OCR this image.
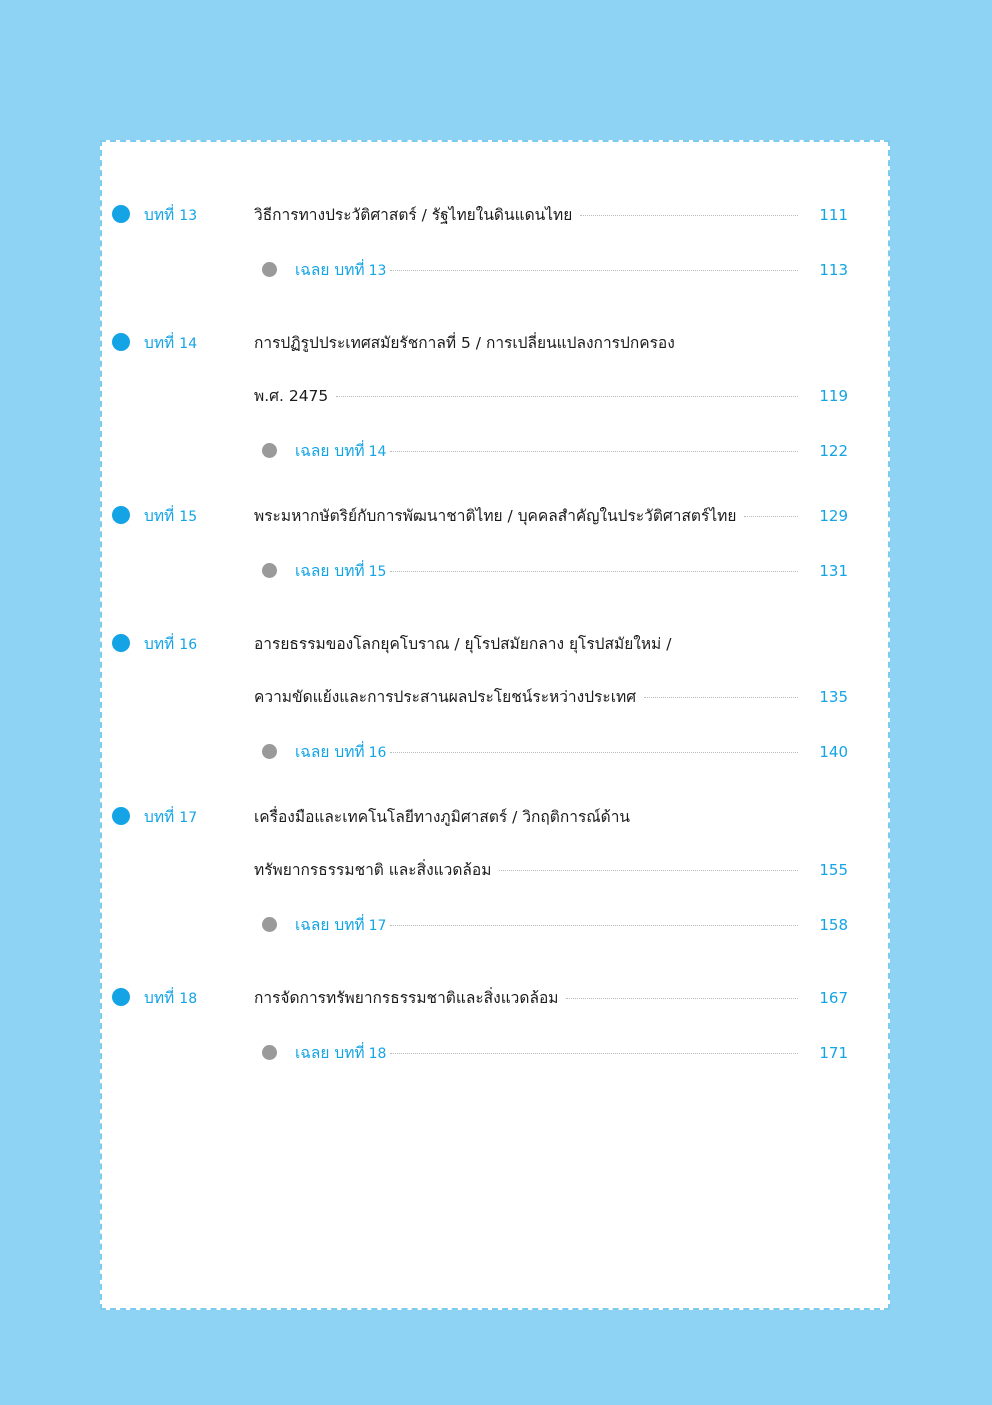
บทที่ 13	วิธีการทางประวัติศาสตร์ / รัฐไทยในดินแดนไทย	111
เฉลย บทที่ 13	113
บทที่ 14	การปฏิรูปประเทศสมัยรัชกาลที่ 5 / การเปลี่ยนแปลงการปกครอง
พ.ศ. 2475	119
เฉลย บทที่ 14	122
บทที่ 15	พระมหากษัตริย์กับการพัฒนาชาติไทย / บุคคลสำคัญในประวัติศาสตร์ไทย	129
เฉลย บทที่ 15	131
บทที่ 16	อารยธรรมของโลกยุคโบราณ / ยุโรปสมัยกลาง ยุโรปสมัยใหม่ /
ความขัดแย้งและการประสานผลประโยชน์ระหว่างประเทศ	135
เฉลย บทที่ 16	140
บทที่ 17	เครื่องมือและเทคโนโลยีทางภูมิศาสตร์ / วิกฤติการณ์ด้าน
ทรัพยากรธรรมชาติ และสิ่งแวดล้อม	155
เฉลย บทที่ 17	158
บทที่ 18	การจัดการทรัพยากรธรรมชาติและสิ่งแวดล้อม	167
เฉลย บทที่ 18	171
